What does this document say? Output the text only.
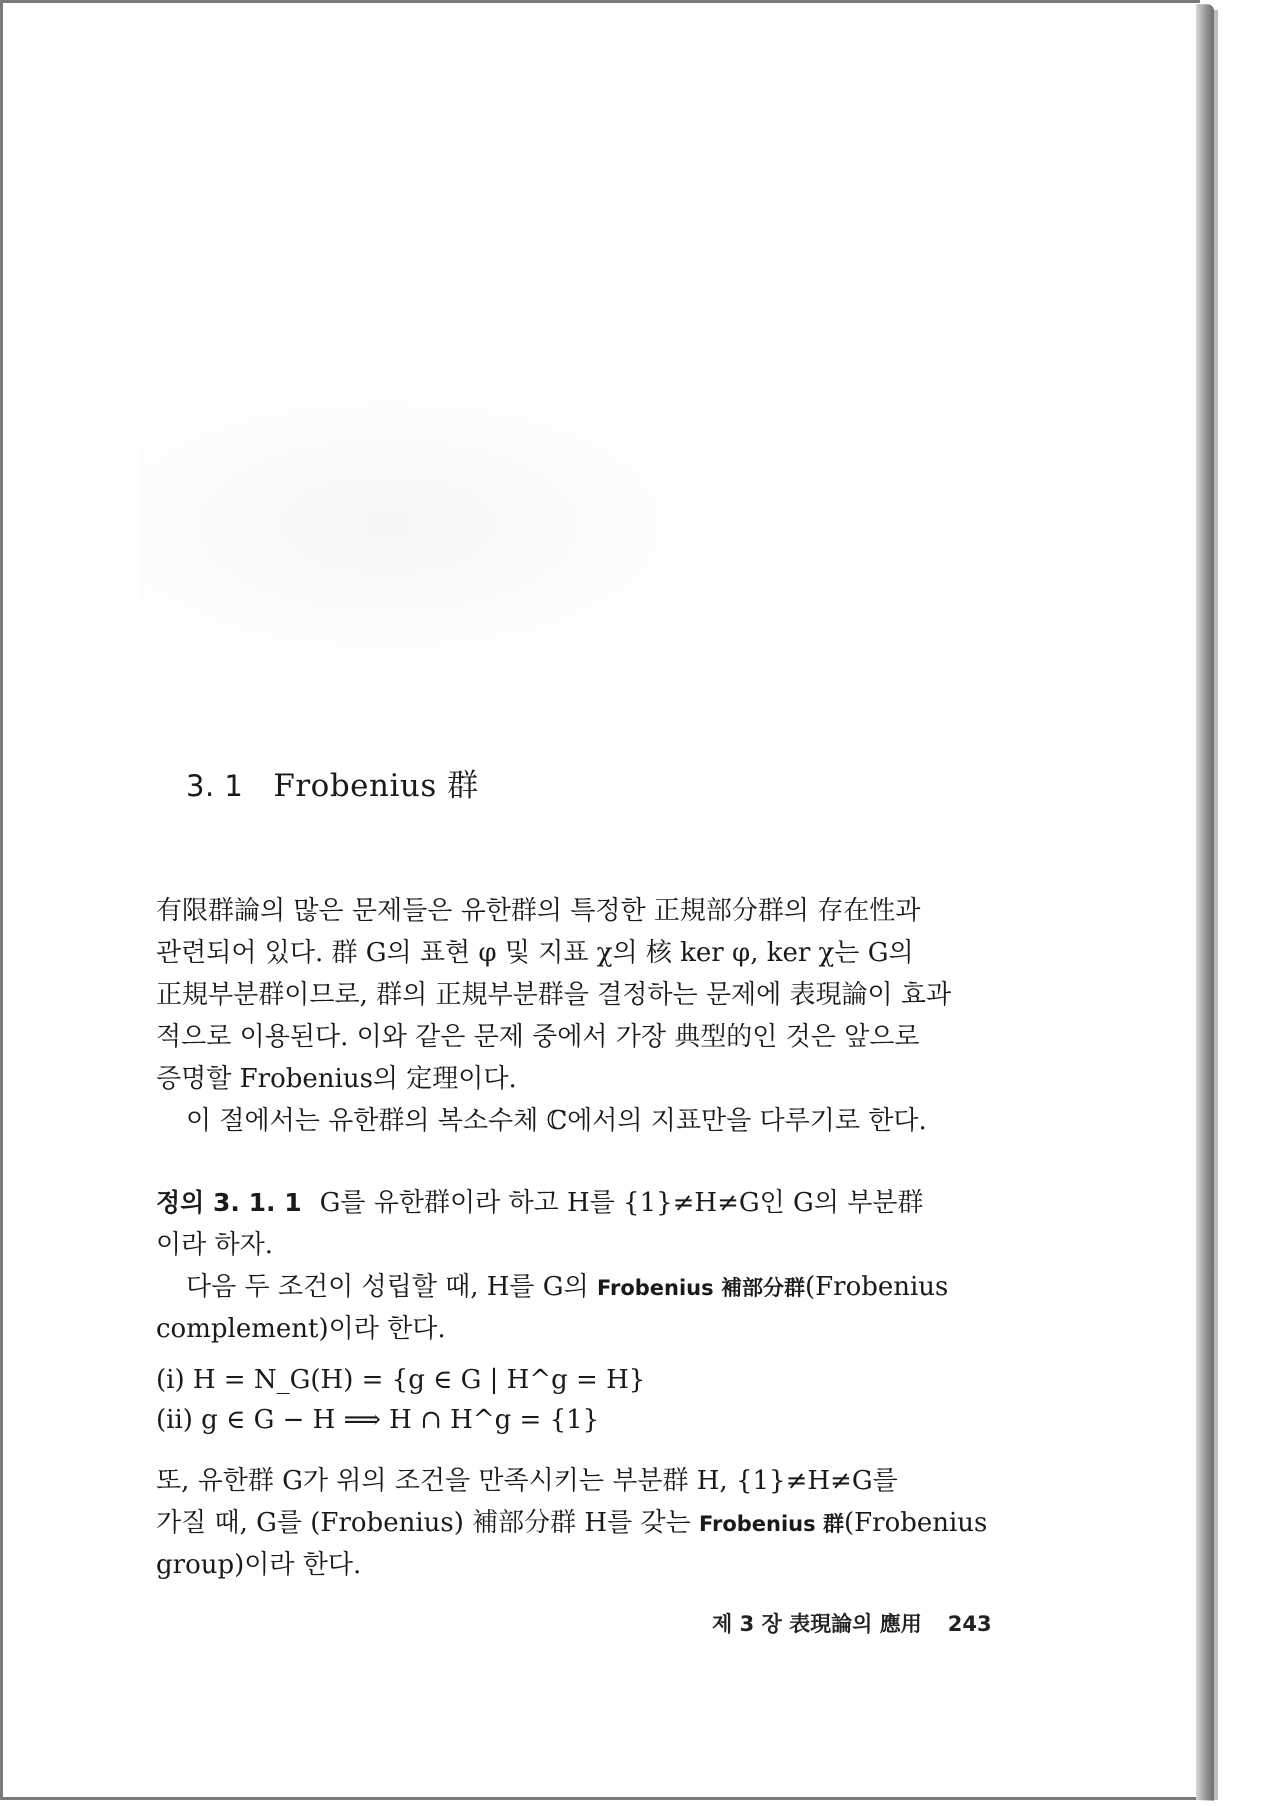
3. 1 Frobenius 群
有限群論의 많은 문제들은 유한群의 특정한 正規部分群의 存在性과
관련되어 있다. 群 G의 표현 φ 및 지표 χ의 核 ker φ, ker χ는 G의
正規부분群이므로, 群의 正規부분群을 결정하는 문제에 表現論이 효과
적으로 이용된다. 이와 같은 문제 중에서 가장 典型的인 것은 앞으로
증명할 Frobenius의 定理이다.
이 절에서는 유한群의 복소수체 ℂ에서의 지표만을 다루기로 한다.
정의 3. 1. 1 G를 유한群이라 하고 H를 {1}≠H≠G인 G의 부분群
이라 하자.
다음 두 조건이 성립할 때, H를 G의 Frobenius 補部分群(Frobenius
complement)이라 한다.
(i) H = N_G(H) = {g ∈ G | H^g = H}
(ii) g ∈ G − H ⟹ H ∩ H^g = {1}
또, 유한群 G가 위의 조건을 만족시키는 부분群 H, {1}≠H≠G를
가질 때, G를 (Frobenius) 補部分群 H를 갖는 Frobenius 群(Frobenius
group)이라 한다.
제 3 장 表現論의 應用 243
